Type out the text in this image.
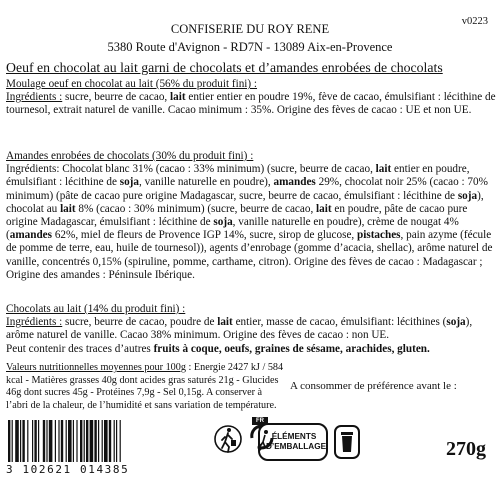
CONFISERIE DU ROY RENE
5380 Route d'Avignon - RD7N - 13089 Aix-en-Provence
v0223
Oeuf en chocolat au lait garni de chocolats et d’amandes enrobées de chocolats
Moulage oeuf en chocolat au lait (56% du produit fini) :
Ingrédients : sucre, beurre de cacao, lait entier entier en poudre 19%, fève de cacao, émulsifiant : lécithine de tournesol, extrait naturel de vanille. Cacao minimum : 35%. Origine des fèves de cacao : UE et non UE.
Amandes enrobées de chocolats (30% du produit fini) :
Ingrédients: Chocolat blanc 31% (cacao : 33% minimum) (sucre, beurre de cacao, lait entier en poudre, émulsifiant : lécithine de soja, vanille naturelle en poudre), amandes 29%, chocolat noir 25% (cacao : 70% minimum) (pâte de cacao pure origine Madagascar, sucre, beurre de cacao, émulsifiant : lécithine de soja), chocolat au lait 8% (cacao : 30% minimum) (sucre, beurre de cacao, lait en poudre, pâte de cacao pure origine Madagascar, émulsifiant : lécithine de soja, vanille naturelle en poudre), crème de nougat 4% (amandes 62%, miel de fleurs de Provence IGP 14%, sucre, sirop de glucose, pistaches, pain azyme (fécule de pomme de terre, eau, huile de tournesol)), agents d’enrobage (gomme d’acacia, shellac), arôme naturel de vanille, concentrés 0,15% (spiruline, pomme, carthame, citron). Origine des fèves de cacao : Madagascar ; Origine des amandes : Péninsule Ibérique.
Chocolats au lait (14% du produit fini) :
Ingrédients : sucre, beurre de cacao, poudre de lait entier, masse de cacao, émulsifiant: lécithines (soja), arôme naturel de vanille. Cacao 38% minimum. Origine des fèves de cacao : non UE.
Peut contenir des traces d’autres fruits à coque, oeufs, graines de sésame, arachides, gluten.
Valeurs nutritionnelles moyennes pour 100g : Energie 2427 kJ / 584 kcal - Matières grasses 40g dont acides gras saturés 21g - Glucides 46g dont sucres 45g - Protéines 7,9g - Sel 0,15g. A conserver à l’abri de la chaleur, de l’humidité et sans variation de température.
A consommer de préférence avant le :
3 102621 014385
FR
ÉLÉMENTS D’EMBALLAGE	270g
